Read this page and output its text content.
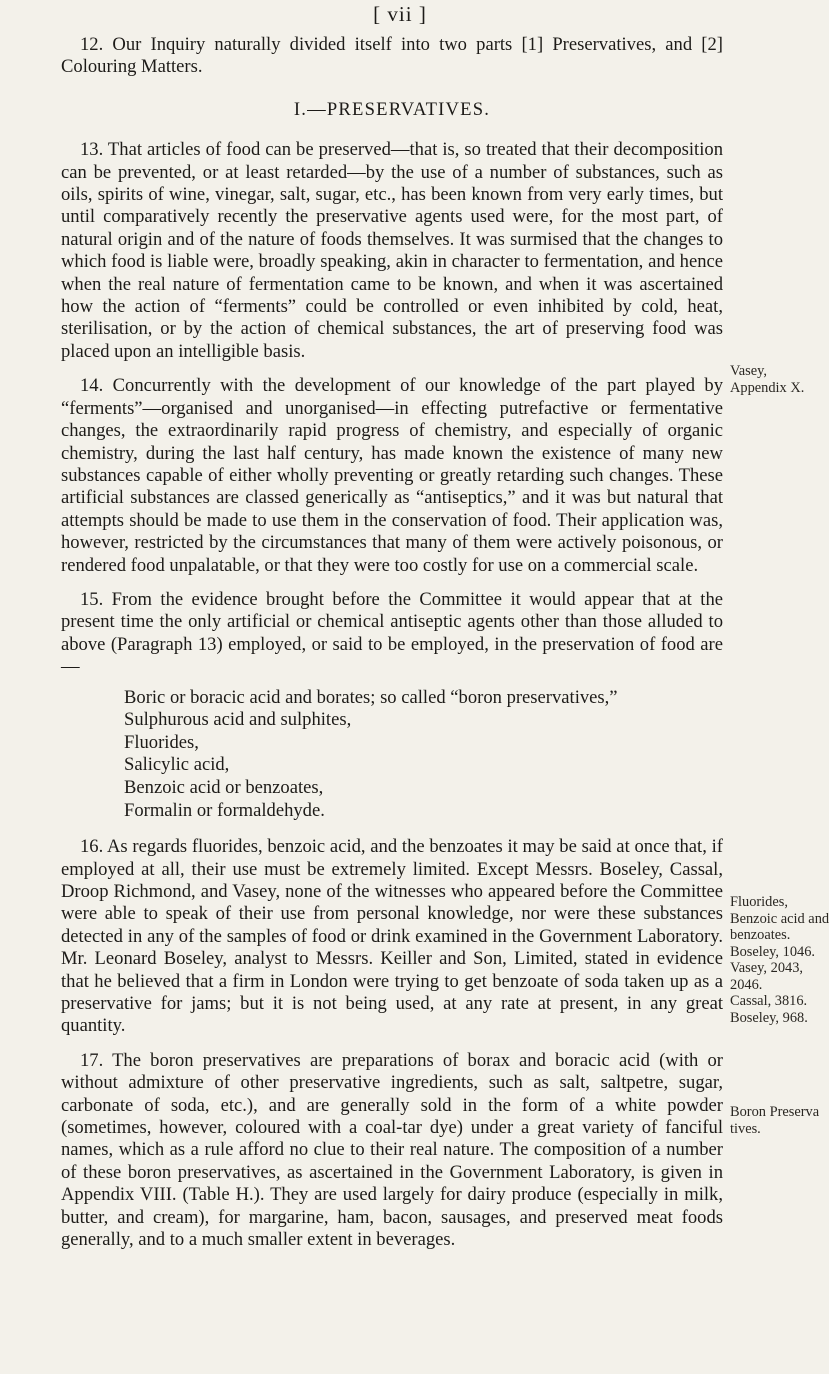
[ vii ]

12. Our Inquiry naturally divided itself into two parts [1] Preservatives, and [2] Colouring Matters.

I.—PRESERVATIVES.

13. That articles of food can be preserved—that is, so treated that their decomposition can be prevented, or at least retarded—by the use of a number of substances, such as oils, spirits of wine, vinegar, salt, sugar, etc., has been known from very early times, but until comparatively recently the preservative agents used were, for the most part, of natural origin and of the nature of foods themselves. It was surmised that the changes to which food is liable were, broadly speaking, akin in character to fermentation, and hence when the real nature of fermentation came to be known, and when it was ascertained how the action of “ferments” could be controlled or even inhibited by cold, heat, sterilisation, or by the action of chemical substances, the art of preserving food was placed upon an intelligible basis.

14. Concurrently with the development of our knowledge of the part played by “ferments”—organised and unorganised—in effecting putrefactive or fermentative changes, the extraordinarily rapid progress of chemistry, and especially of organic chemistry, during the last half century, has made known the existence of many new substances capable of either wholly preventing or greatly retarding such changes. These artificial substances are classed generically as “antiseptics,” and it was but natural that attempts should be made to use them in the conservation of food. Their application was, however, restricted by the circumstances that many of them were actively poisonous, or rendered food unpalatable, or that they were too costly for use on a commercial scale.

15. From the evidence brought before the Committee it would appear that at the present time the only artificial or chemical antiseptic agents other than those alluded to above (Paragraph 13) employed, or said to be employed, in the preservation of food are—

Boric or boracic acid and borates; so called “boron preservatives,”
Sulphurous acid and sulphites,
Fluorides,
Salicylic acid,
Benzoic acid or benzoates,
Formalin or formaldehyde.

16. As regards fluorides, benzoic acid, and the benzoates it may be said at once that, if employed at all, their use must be extremely limited. Except Messrs. Boseley, Cassal, Droop Richmond, and Vasey, none of the witnesses who appeared before the Committee were able to speak of their use from personal knowledge, nor were these substances detected in any of the samples of food or drink examined in the Government Laboratory. Mr. Leonard Boseley, analyst to Messrs. Keiller and Son, Limited, stated in evidence that he believed that a firm in London were trying to get benzoate of soda taken up as a preservative for jams; but it is not being used, at any rate at present, in any great quantity.

17. The boron preservatives are preparations of borax and boracic acid (with or without admixture of other preservative ingredients, such as salt, saltpetre, sugar, carbonate of soda, etc.), and are generally sold in the form of a white powder (sometimes, however, coloured with a coal-tar dye) under a great variety of fanciful names, which as a rule afford no clue to their real nature. The composition of a number of these boron preservatives, as ascertained in the Government Laboratory, is given in Appendix VIII. (Table H.). They are used largely for dairy produce (especially in milk, butter, and cream), for margarine, ham, bacon, sausages, and preserved meat foods generally, and to a much smaller extent in beverages.

Vasey,
Appendix X.
Fluorides,
Benzoic acid and
benzoates.
Boseley, 1046.
Vasey, 2043,
2046.
Cassal, 3816.
Boseley, 968.
Boron Preserva
tives.
